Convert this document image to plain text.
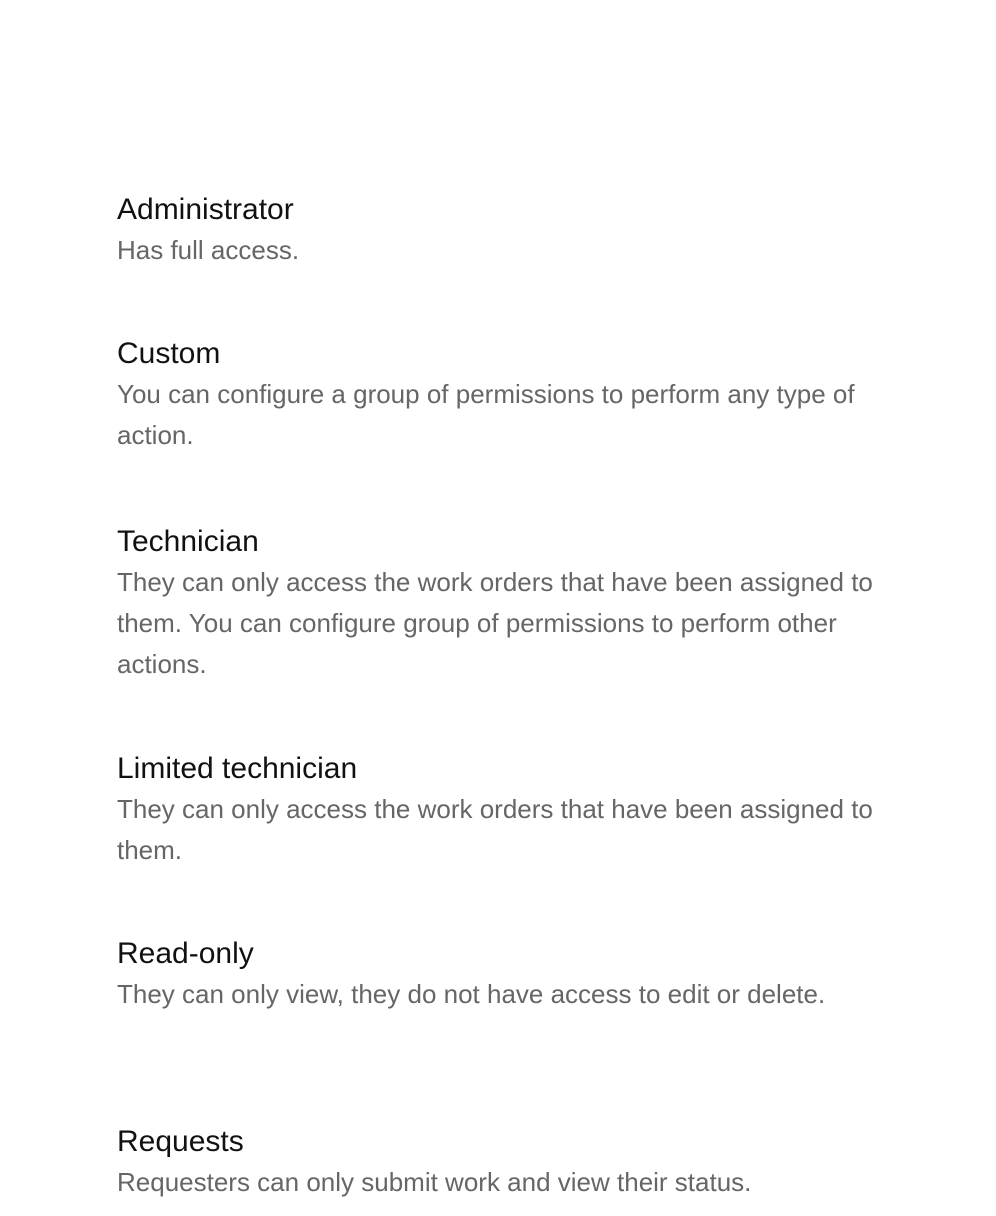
Administrator
Has full access.
Custom
You can configure a group of permissions to perform any type of action.
Technician
They can only access the work orders that have been assigned to them. You can configure group of permissions to perform other actions.
Limited technician
They can only access the work orders that have been assigned to them.
Read-only
They can only view, they do not have access to edit or delete.
Requests
Requesters can only submit work and view their status.
